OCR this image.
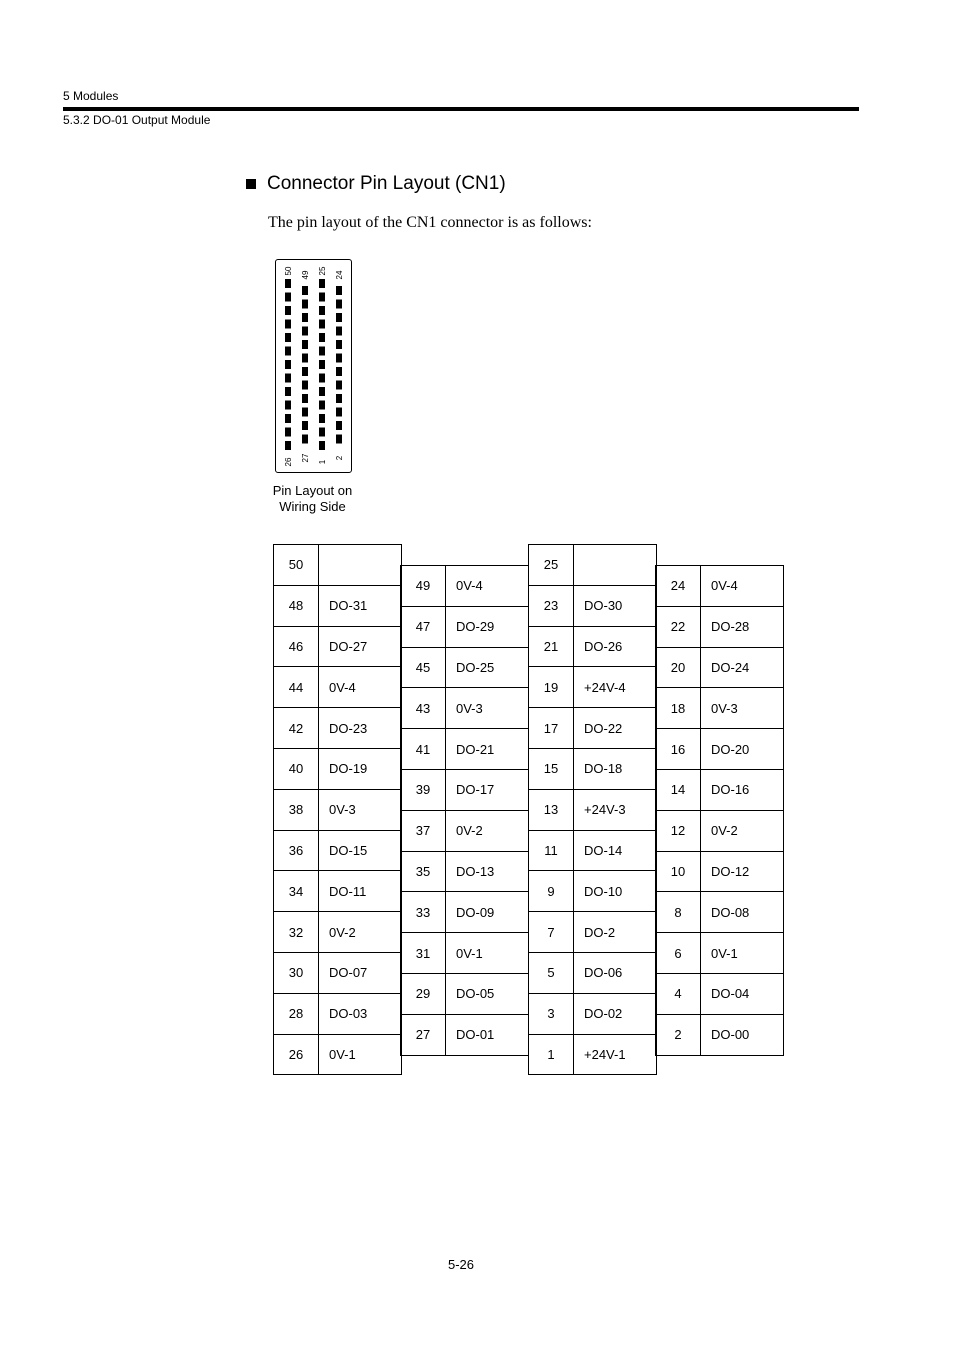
5 Modules
5.3.2 DO-01 Output Module
Connector Pin Layout (CN1)
The pin layout of the CN1 connector is as follows:
50 49 25 24
26 27 1
2
Pin Layout on
Wiring Side
50
48	DO-31
46	DO-27
44	0V-4
42	DO-23
40	DO-19
38	0V-3
36	DO-15
34	DO-11
32	0V-2
30	DO-07
28	DO-03
26	0V-1
49	0V-4
47	DO-29
45	DO-25
43	0V-3
41	DO-21
39	DO-17
37	0V-2
35	DO-13
33	DO-09
31	0V-1
29	DO-05
27	DO-01
25
23	DO-30
21	DO-26
19	+24V-4
17	DO-22
15	DO-18
13	+24V-3
11	DO-14
9	DO-10
7	DO-2
5	DO-06
3	DO-02
1	+24V-1
24	0V-4
22	DO-28
20	DO-24
18	0V-3
16	DO-20
14	DO-16
12	0V-2
10	DO-12
8	DO-08
6	0V-1
4	DO-04
2	DO-00
5-26
